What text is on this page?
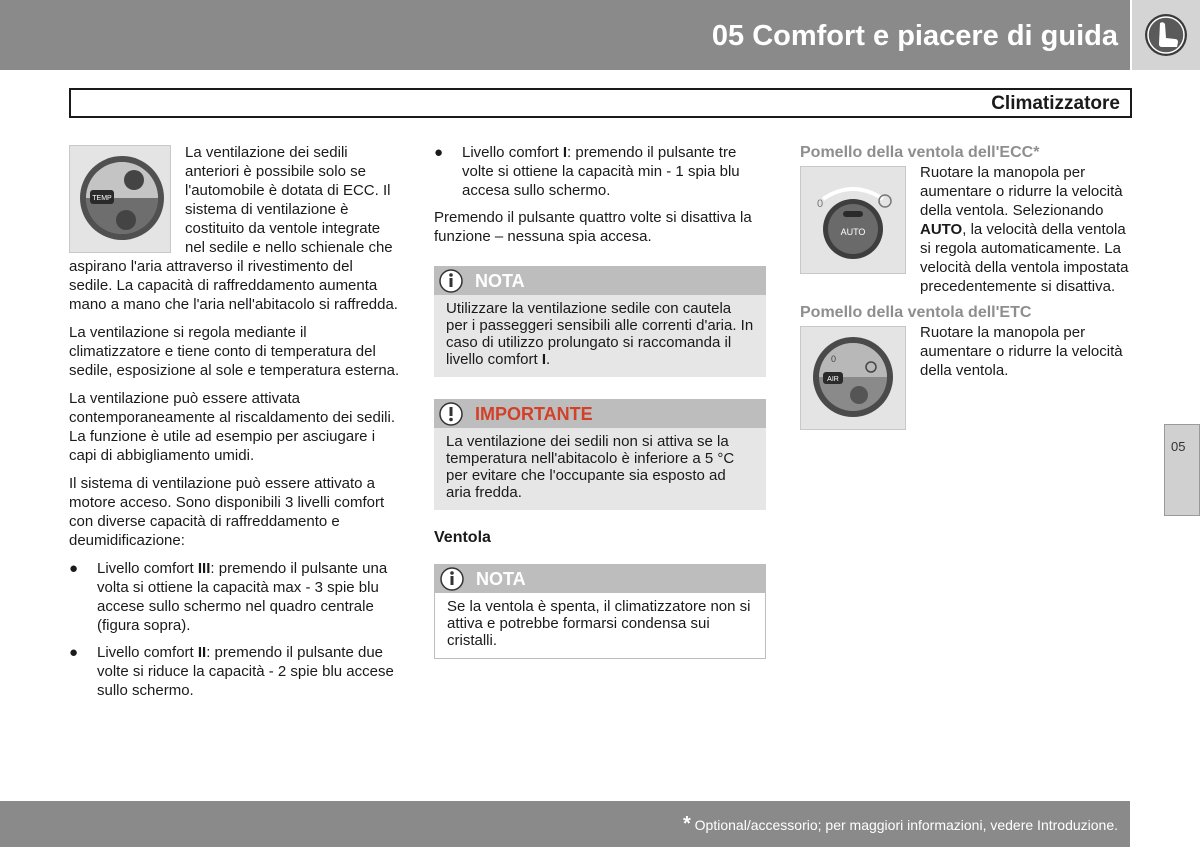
05 Comfort e piacere di guida
Climatizzatore
TEMP

La ventilazione dei sedili anteriori è possibile solo se l'automobile è dotata di ECC. Il sistema di ventilazione è costituito da ventole integrate nel sedile e nello schienale che aspirano l'aria attraverso il rivestimento del sedile. La capacità di raffreddamento aumenta mano a mano che l'aria nell'abitacolo si raffredda.

La ventilazione si regola mediante il climatizzatore e tiene conto di temperatura del sedile, esposizione al sole e temperatura esterna.

La ventilazione può essere attivata contemporaneamente al riscaldamento dei sedili. La funzione è utile ad esempio per asciugare i capi di abbigliamento umidi.

Il sistema di ventilazione può essere attivato a motore acceso. Sono disponibili 3 livelli comfort con diverse capacità di raffreddamento e deumidificazione:

● Livello comfort III: premendo il pulsante una volta si ottiene la capacità max - 3 spie blu accese sullo schermo nel quadro centrale (figura sopra).
● Livello comfort II: premendo il pulsante due volte si riduce la capacità - 2 spie blu accese sullo schermo.
● Livello comfort I: premendo il pulsante tre volte si ottiene la capacità min - 1 spia blu accesa sullo schermo.

Premendo il pulsante quattro volte si disattiva la funzione – nessuna spia accesa.

NOTA
Utilizzare la ventilazione sedile con cautela per i passeggeri sensibili alle correnti d'aria. In caso di utilizzo prolungato si raccomanda il livello comfort I.
IMPORTANTE
La ventilazione dei sedili non si attiva se la temperatura nell'abitacolo è inferiore a 5 °C per evitare che l'occupante sia esposto ad aria fredda.

Ventola

NOTA
Se la ventola è spenta, il climatizzatore non si attiva e potrebbe formarsi condensa sui cristalli.

Pomello della ventola dell'ECC*

0
AUTO

Ruotare la manopola per aumentare o ridurre la velocità della ventola. Selezionando AUTO, la velocità della ventola si regola automaticamente. La velocità della ventola impostata precedentemente si disattiva.

Pomello della ventola dell'ETC

0
AIR

Ruotare la manopola per aumentare o ridurre la velocità della ventola.

05
* Optional/accessorio; per maggiori informazioni, vedere Introduzione.	225
